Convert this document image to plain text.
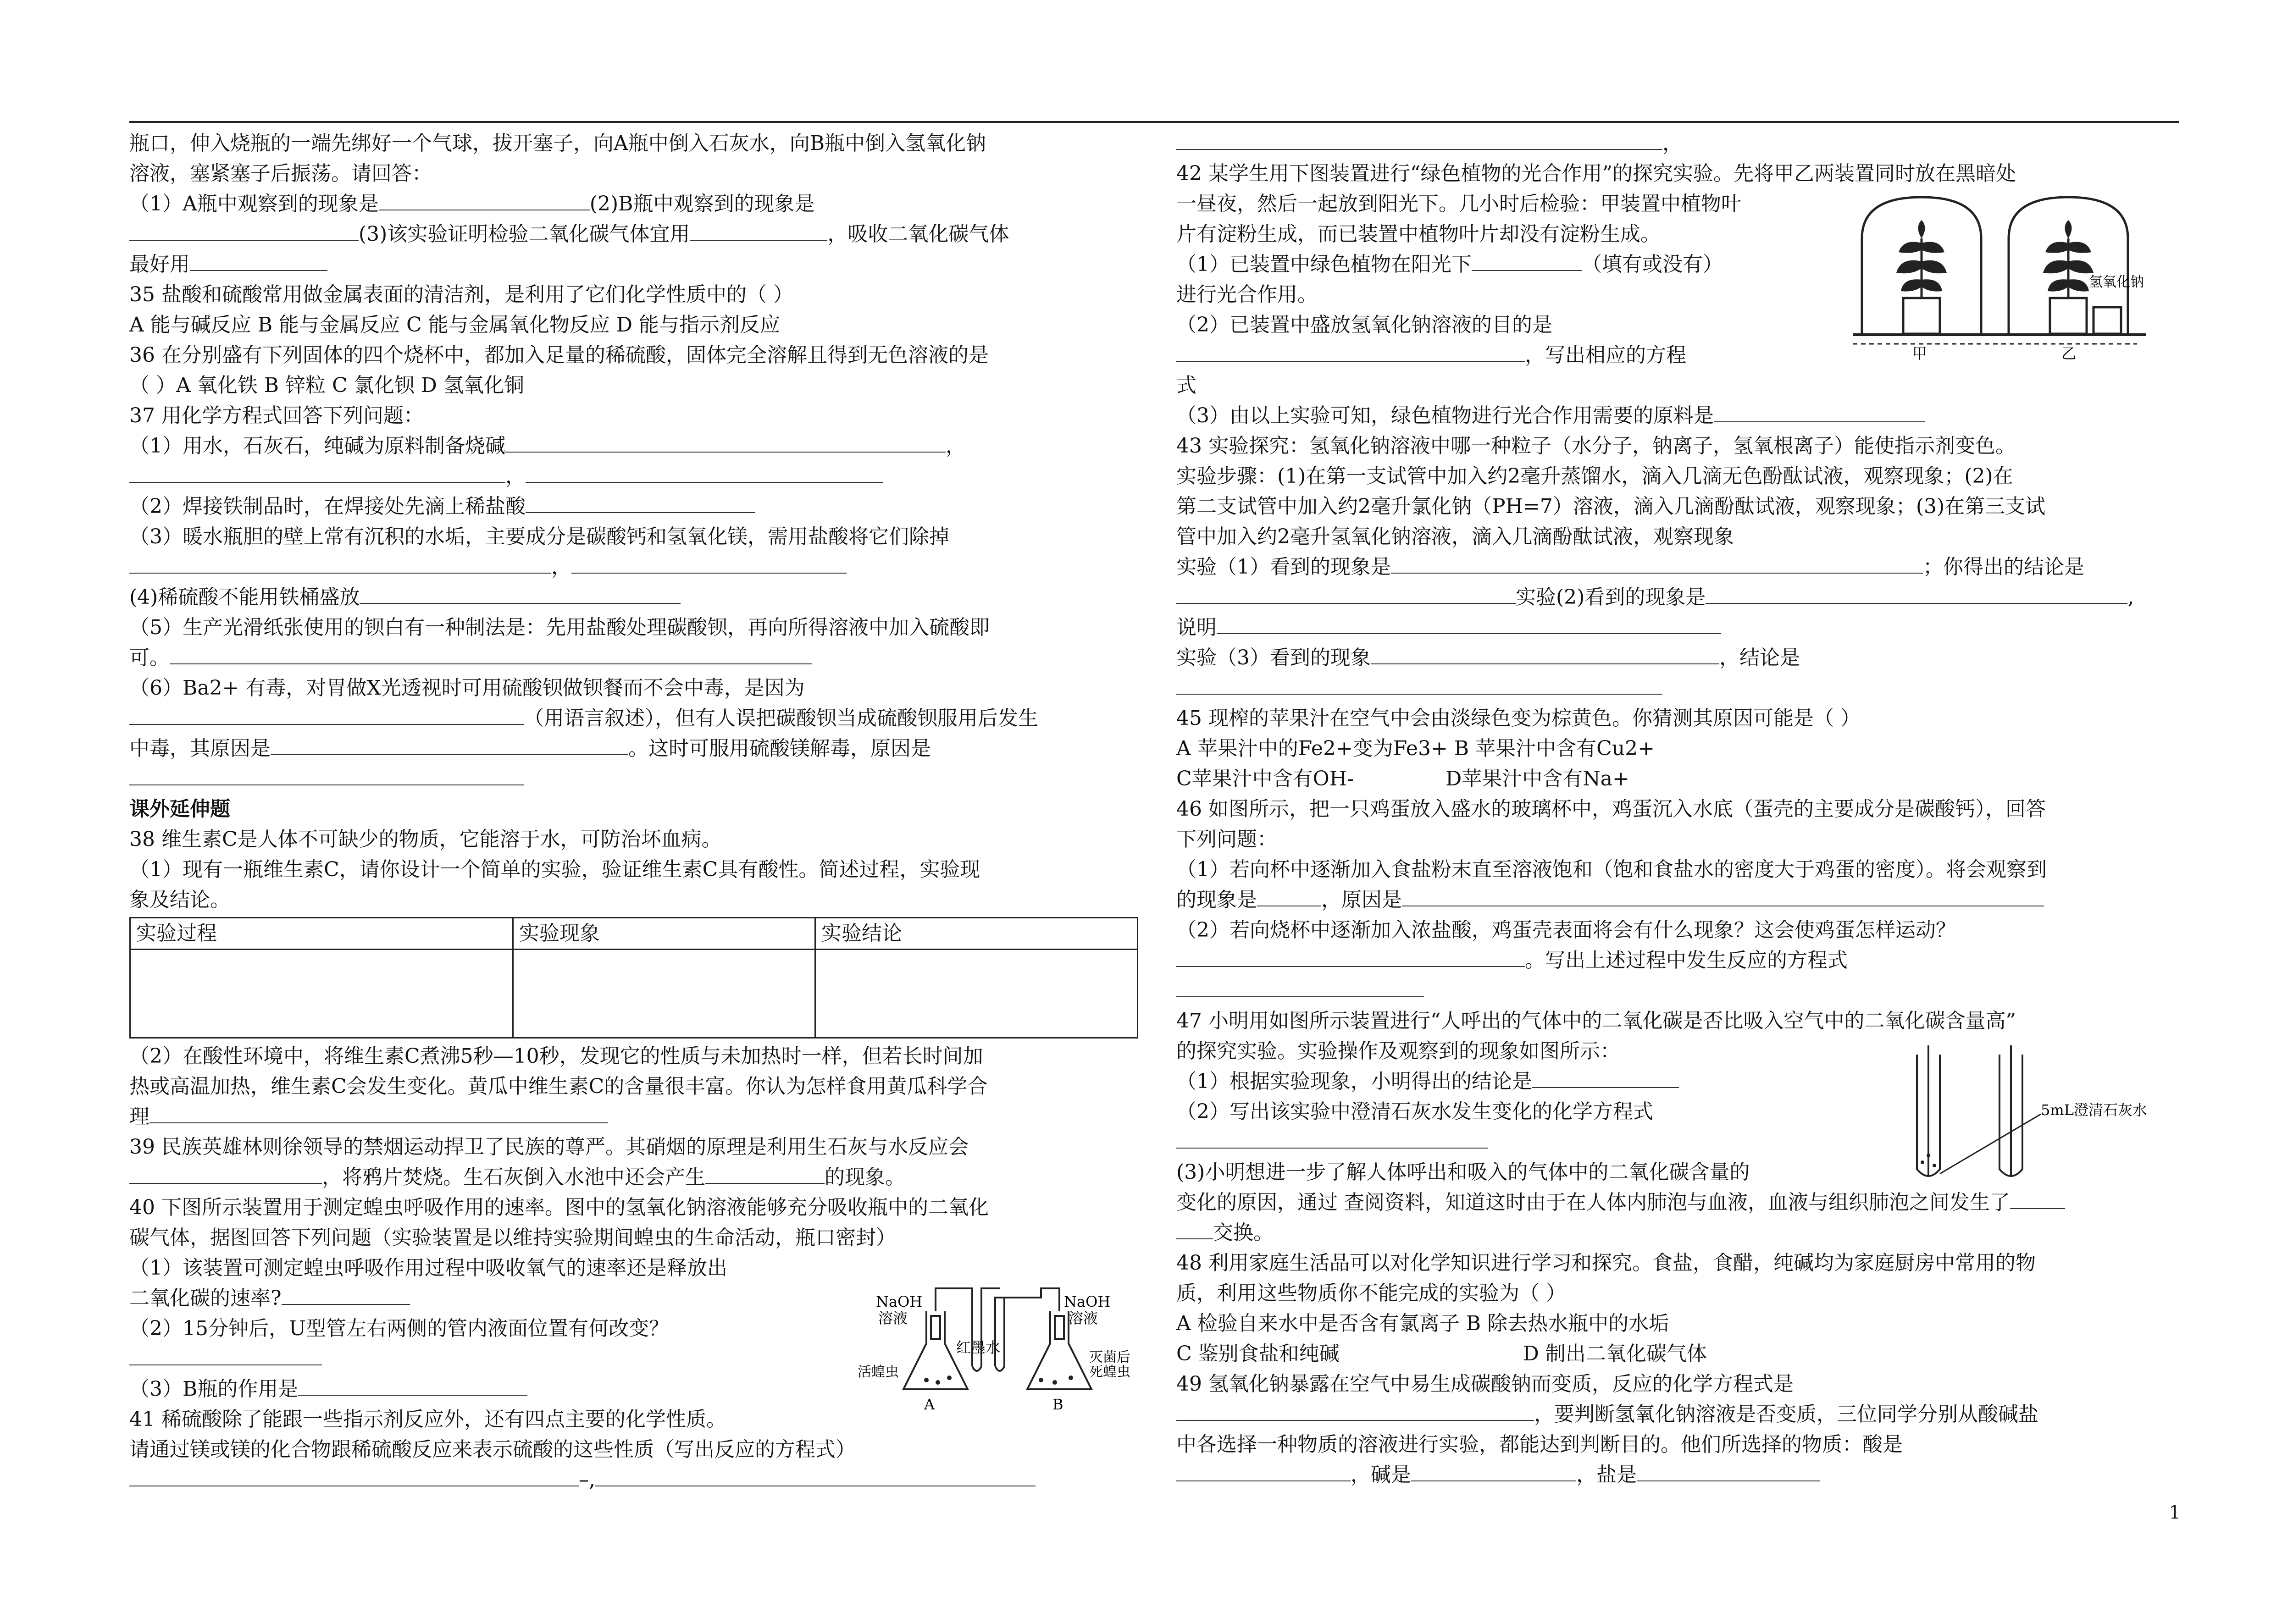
瓶口，伸入烧瓶的一端先绑好一个气球，拔开塞子，向A瓶中倒入石灰水，向B瓶中倒入氢氧化钠
溶液，塞紧塞子后振荡。请回答：
（1）A瓶中观察到的现象是	(2)B瓶中观察到的现象是
(3)该实验证明检验二氧化碳气体宜用	，吸收二氧化碳气体
最好用
35 盐酸和硫酸常用做金属表面的清洁剂，是利用了它们化学性质中的（ ）
A 能与碱反应 B 能与金属反应 C 能与金属氧化物反应 D 能与指示剂反应
36 在分别盛有下列固体的四个烧杯中，都加入足量的稀硫酸，固体完全溶解且得到无色溶液的是
（ ）A 氧化铁 B 锌粒 C 氯化钡 D 氢氧化铜
37 用化学方程式回答下列问题：
（1）用水，石灰石，纯碱为原料制备烧碱	，
，
（2）焊接铁制品时，在焊接处先滴上稀盐酸
（3）暖水瓶胆的壁上常有沉积的水垢，主要成分是碳酸钙和氢氧化镁，需用盐酸将它们除掉
，
(4)稀硫酸不能用铁桶盛放
（5）生产光滑纸张使用的钡白有一种制法是：先用盐酸处理碳酸钡，再向所得溶液中加入硫酸即
可。
（6）Ba2+ 有毒，对胃做X光透视时可用硫酸钡做钡餐而不会中毒，是因为
（用语言叙述），但有人误把碳酸钡当成硫酸钡服用后发生
中毒，其原因是	。这时可服用硫酸镁解毒，原因是
课外延伸题
38 维生素C是人体不可缺少的物质，它能溶于水，可防治坏血病。
（1）现有一瓶维生素C，请你设计一个简单的实验，验证维生素C具有酸性。简述过程，实验现
象及结论。
实验过程	实验现象	实验结论

（2）在酸性环境中，将维生素C煮沸5秒—10秒，发现它的性质与未加热时一样，但若长时间加
热或高温加热，维生素C会发生变化。黄瓜中维生素C的含量很丰富。你认为怎样食用黄瓜科学合
理
39 民族英雄林则徐领导的禁烟运动捍卫了民族的尊严。其硝烟的原理是利用生石灰与水反应会
，将鸦片焚烧。生石灰倒入水池中还会产生	的现象。
40 下图所示装置用于测定蝗虫呼吸作用的速率。图中的氢氧化钠溶液能够充分吸收瓶中的二氧化
碳气体，据图回答下列问题（实验装置是以维持实验期间蝗虫的生命活动，瓶口密封）
（1）该装置可测定蝗虫呼吸作用过程中吸收氧气的速率还是释放出
二氧化碳的速率?
（2）15分钟后，U型管左右两侧的管内液面位置有何改变？
（3）B瓶的作用是
41 稀硫酸除了能跟一些指示剂反应外，还有四点主要的化学性质。
请通过镁或镁的化合物跟稀硫酸反应来表示硫酸的这些性质（写出反应的方程式）
–,
NaOH
溶液
红墨水
NaOH
溶液
活蝗虫
A	B
灭菌后
死蝗虫
，
42 某学生用下图装置进行“绿色植物的光合作用”的探究实验。先将甲乙两装置同时放在黑暗处
一昼夜，然后一起放到阳光下。几小时后检验：甲装置中植物叶
片有淀粉生成，而已装置中植物叶片却没有淀粉生成。
（1）已装置中绿色植物在阳光下	（填有或没有）
进行光合作用。
（2）已装置中盛放氢氧化钠溶液的目的是
，写出相应的方程
式
（3）由以上实验可知，绿色植物进行光合作用需要的原料是
43 实验探究：氢氧化钠溶液中哪一种粒子（水分子，钠离子，氢氧根离子）能使指示剂变色。
实验步骤：(1)在第一支试管中加入约2毫升蒸馏水，滴入几滴无色酚酞试液，观察现象；(2)在
第二支试管中加入约2毫升氯化钠（PH=7）溶液，滴入几滴酚酞试液，观察现象；(3)在第三支试
管中加入约2毫升氢氧化钠溶液，滴入几滴酚酞试液，观察现象
实验（1）看到的现象是	；你得出的结论是
实验(2)看到的现象是	,
说明
实验（3）看到的现象	，结论是
45 现榨的苹果汁在空气中会由淡绿色变为棕黄色。你猜测其原因可能是（ ）
A 苹果汁中的Fe2+变为Fe3+ B 苹果汁中含有Cu2+
C苹果汁中含有OH-	D苹果汁中含有Na+
46 如图所示，把一只鸡蛋放入盛水的玻璃杯中，鸡蛋沉入水底（蛋壳的主要成分是碳酸钙），回答
下列问题：
（1）若向杯中逐渐加入食盐粉末直至溶液饱和（饱和食盐水的密度大于鸡蛋的密度）。将会观察到
的现象是	，原因是
（2）若向烧杯中逐渐加入浓盐酸，鸡蛋壳表面将会有什么现象？这会使鸡蛋怎样运动？
。写出上述过程中发生反应的方程式
47 小明用如图所示装置进行“人呼出的气体中的二氧化碳是否比吸入空气中的二氧化碳含量高”
的探究实验。实验操作及观察到的现象如图所示：
（1）根据实验现象，小明得出的结论是
（2）写出该实验中澄清石灰水发生变化的化学方程式
(3)小明想进一步了解人体呼出和吸入的气体中的二氧化碳含量的
变化的原因，通过 查阅资料，知道这时由于在人体内肺泡与血液，血液与组织肺泡之间发生了
交换。
48 利用家庭生活品可以对化学知识进行学习和探究。食盐，食醋，纯碱均为家庭厨房中常用的物
质，利用这些物质你不能完成的实验为（ ）
A 检验自来水中是否含有氯离子 B 除去热水瓶中的水垢
C 鉴别食盐和纯碱	D 制出二氧化碳气体
49 氢氧化钠暴露在空气中易生成碳酸钠而变质，反应的化学方程式是
，要判断氢氧化钠溶液是否变质，三位同学分别从酸碱盐
中各选择一种物质的溶液进行实验，都能达到判断目的。他们所选择的物质：酸是
，碱是	，盐是
氢氧化钠
甲	乙
5mL澄清石灰水
1
